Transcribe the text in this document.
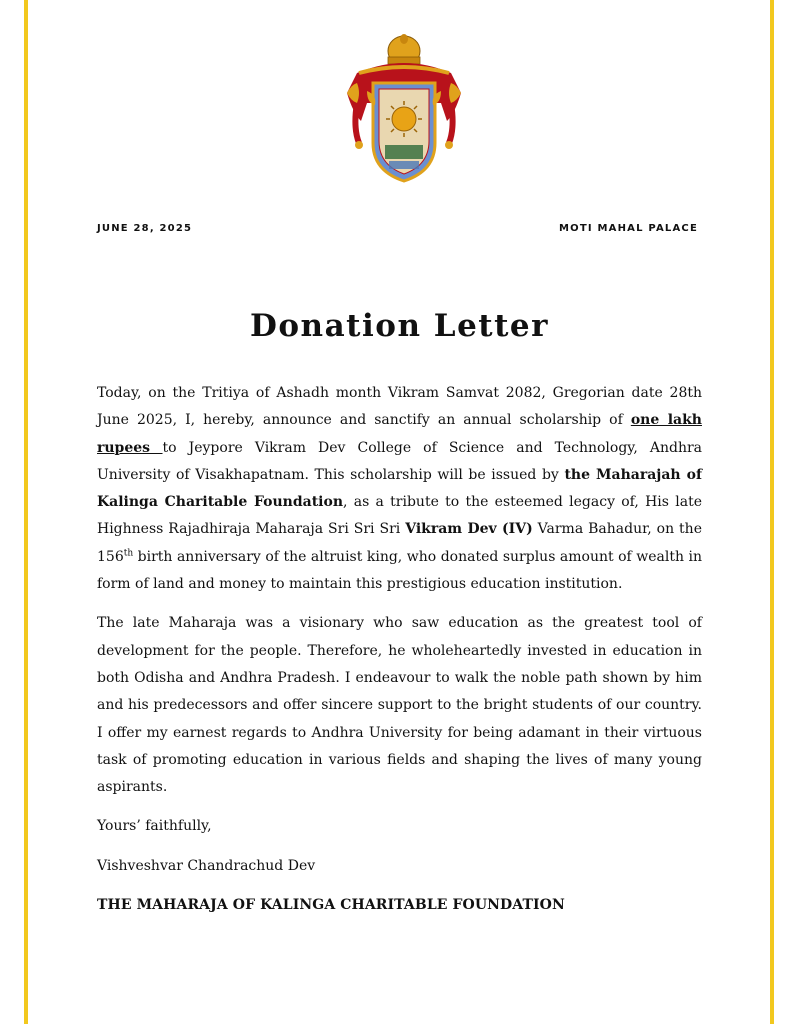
JUNE 28, 2025	MOTI MAHAL PALACE
Donation Letter

Today, on the Tritiya of Ashadh month Vikram Samvat 2082, Gregorian date 28th June 2025, I, hereby, announce and sanctify an annual scholarship of one lakh rupees to Jeypore Vikram Dev College of Science and Technology, Andhra University of Visakhapatnam. This scholarship will be issued by the Maharajah of Kalinga Charitable Foundation, as a tribute to the esteemed legacy of, His late Highness Rajadhiraja Maharaja Sri Sri Sri Vikram Dev (IV) Varma Bahadur, on the 156th birth anniversary of the altruist king, who donated surplus amount of wealth in form of land and money to maintain this prestigious education institution.

The late Maharaja was a visionary who saw education as the greatest tool of development for the people. Therefore, he wholeheartedly invested in education in both Odisha and Andhra Pradesh. I endeavour to walk the noble path shown by him and his predecessors and offer sincere support to the bright students of our country. I offer my earnest regards to Andhra University for being adamant in their virtuous task of promoting education in various fields and shaping the lives of many young aspirants.

Yours’ faithfully,

Vishveshvar Chandrachud Dev

THE MAHARAJA OF KALINGA CHARITABLE FOUNDATION
